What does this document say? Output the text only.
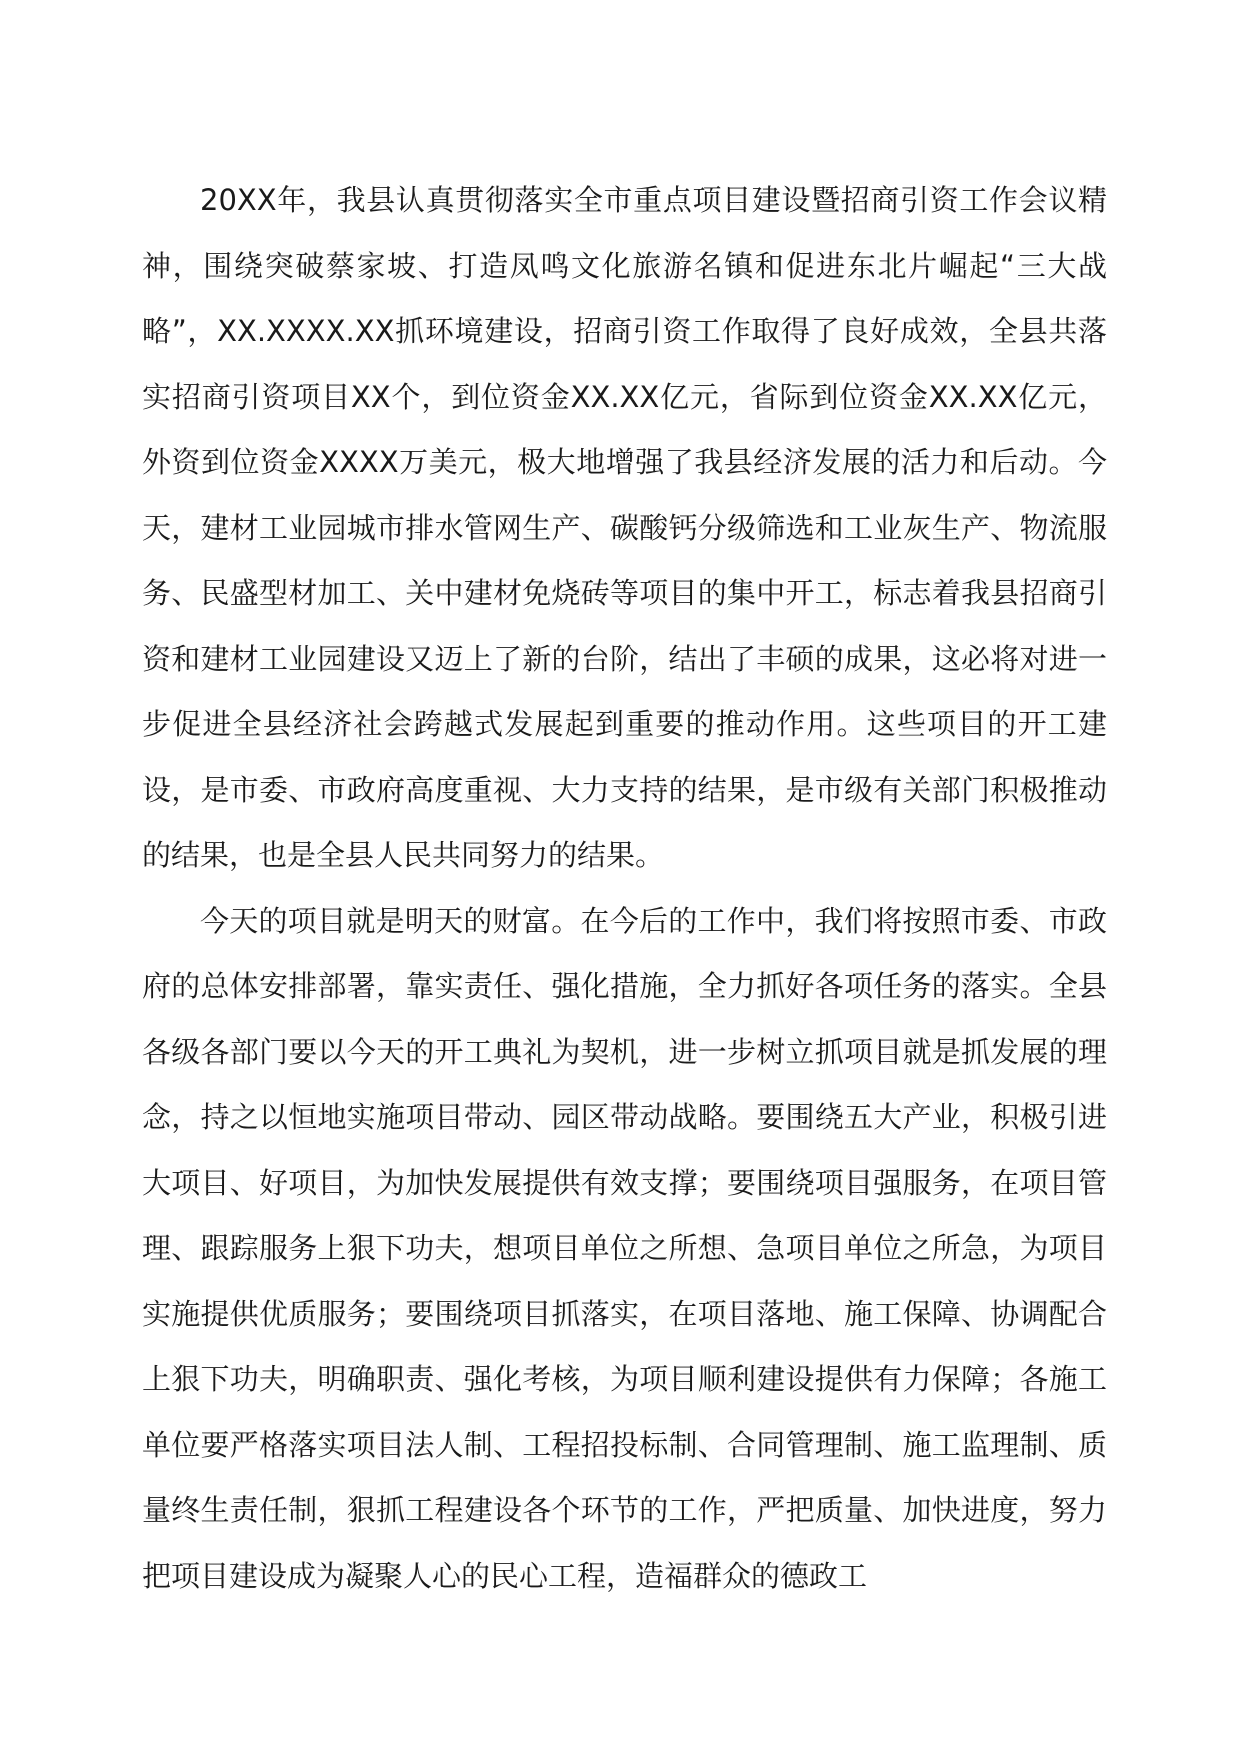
20XX年，我县认真贯彻落实全市重点项目建设暨招商引资工作会议精神，围绕突破蔡家坡、打造凤鸣文化旅游名镇和促进东北片崛起“三大战略”，XX.XXXX.XX抓环境建设，招商引资工作取得了良好成效，全县共落实招商引资项目XX个，到位资金XX.XX亿元，省际到位资金XX.XX亿元，外资到位资金XXXX万美元，极大地增强了我县经济发展的活力和后动。今天，建材工业园城市排水管网生产、碳酸钙分级筛选和工业灰生产、物流服务、民盛型材加工、关中建材免烧砖等项目的集中开工，标志着我县招商引资和建材工业园建设又迈上了新的台阶，结出了丰硕的成果，这必将对进一步促进全县经济社会跨越式发展起到重要的推动作用。这些项目的开工建设，是市委、市政府高度重视、大力支持的结果，是市级有关部门积极推动的结果，也是全县人民共同努力的结果。

今天的项目就是明天的财富。在今后的工作中，我们将按照市委、市政府的总体安排部署，靠实责任、强化措施，全力抓好各项任务的落实。全县各级各部门要以今天的开工典礼为契机，进一步树立抓项目就是抓发展的理念，持之以恒地实施项目带动、园区带动战略。要围绕五大产业，积极引进大项目、好项目，为加快发展提供有效支撑；要围绕项目强服务，在项目管理、跟踪服务上狠下功夫，想项目单位之所想、急项目单位之所急，为项目实施提供优质服务；要围绕项目抓落实，在项目落地、施工保障、协调配合上狠下功夫，明确职责、强化考核，为项目顺利建设提供有力保障；各施工单位要严格落实项目法人制、工程招投标制、合同管理制、施工监理制、质量终生责任制，狠抓工程建设各个环节的工作，严把质量、加快进度，努力把项目建设成为凝聚人心的民心工程，造福群众的德政工
